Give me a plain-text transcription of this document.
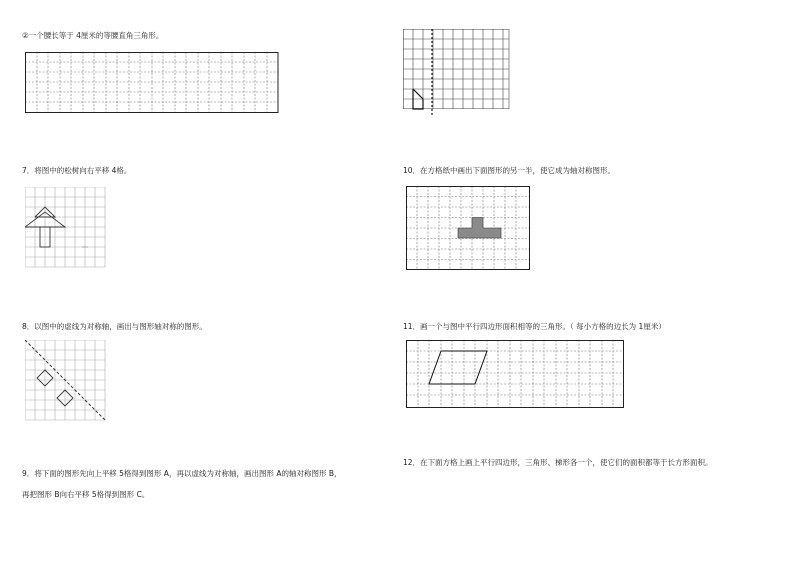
②一个腰长等于 4厘米的等腰直角三角形。
7．将图中的松树向右平移 4格。
8．以图中的虚线为对称轴，画出与图形轴对称的图形。
9．将下面的图形先向上平移 5格得到图形 A，再以虚线为对称轴，画出图形 A的轴对称图形 B，
再把图形 B向右平移 5格得到图形 C。
10．在方格纸中画出下面图形的另一半，使它成为轴对称图形。
11．画一个与图中平行四边形面积相等的三角形。（ 每小方格的边长为 1厘米）
12．在下面方格上画上平行四边形，三角形、梯形各一个，使它们的面积都等于长方形面积。
